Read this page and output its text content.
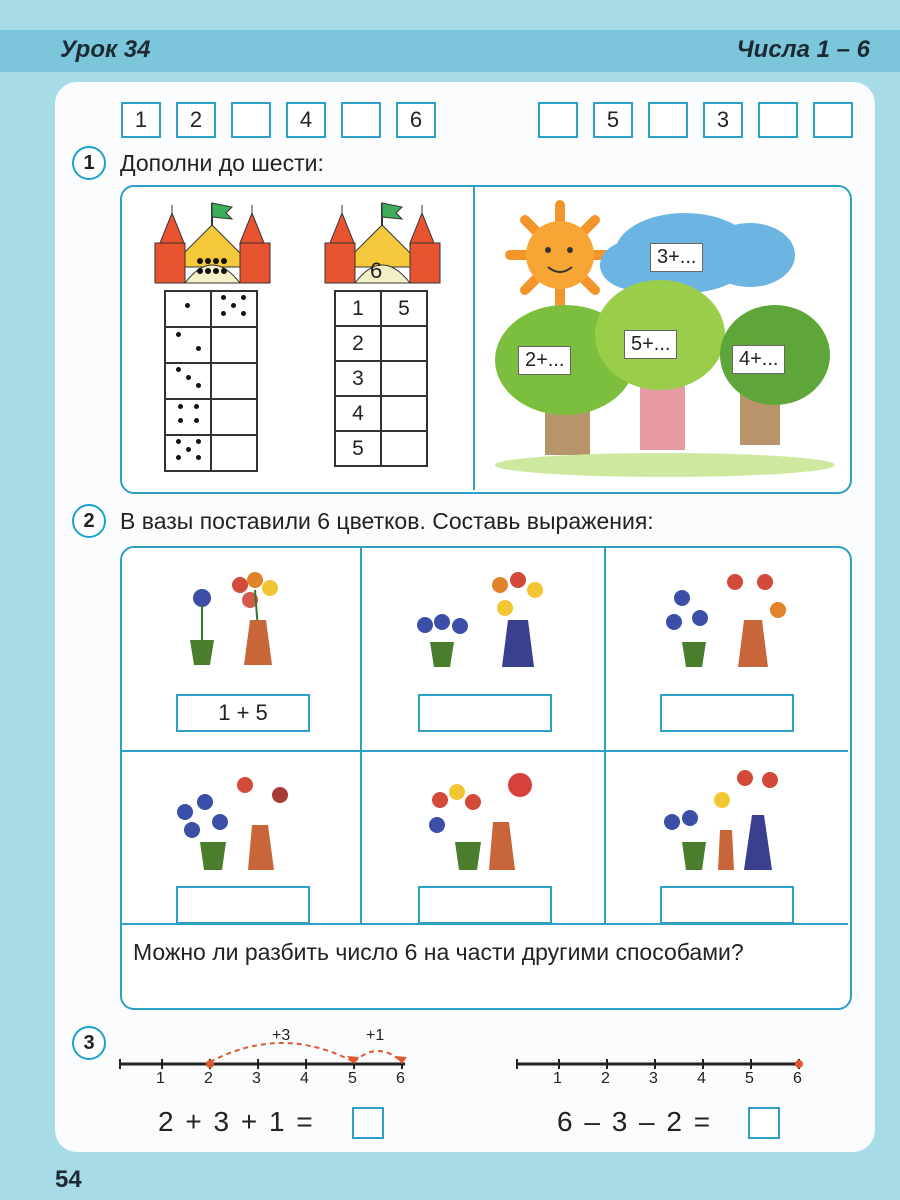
Урок 34	Числа 1 – 6
1	2	4	6	5	3
1	Дополни до шести:

6
1	5
2	
3	
4	
5	
3+...
2+...
5+...
4+...
2	В вазы поставили 6 цветков. Составь выражения:
1 + 5
Можно ли разбить число 6 на части другими способами?
3	+3	+1
1 2 3 4 5 6	1 2 3 4 5 6
2 + 3 + 1 =	6 – 3 – 2 =
54
